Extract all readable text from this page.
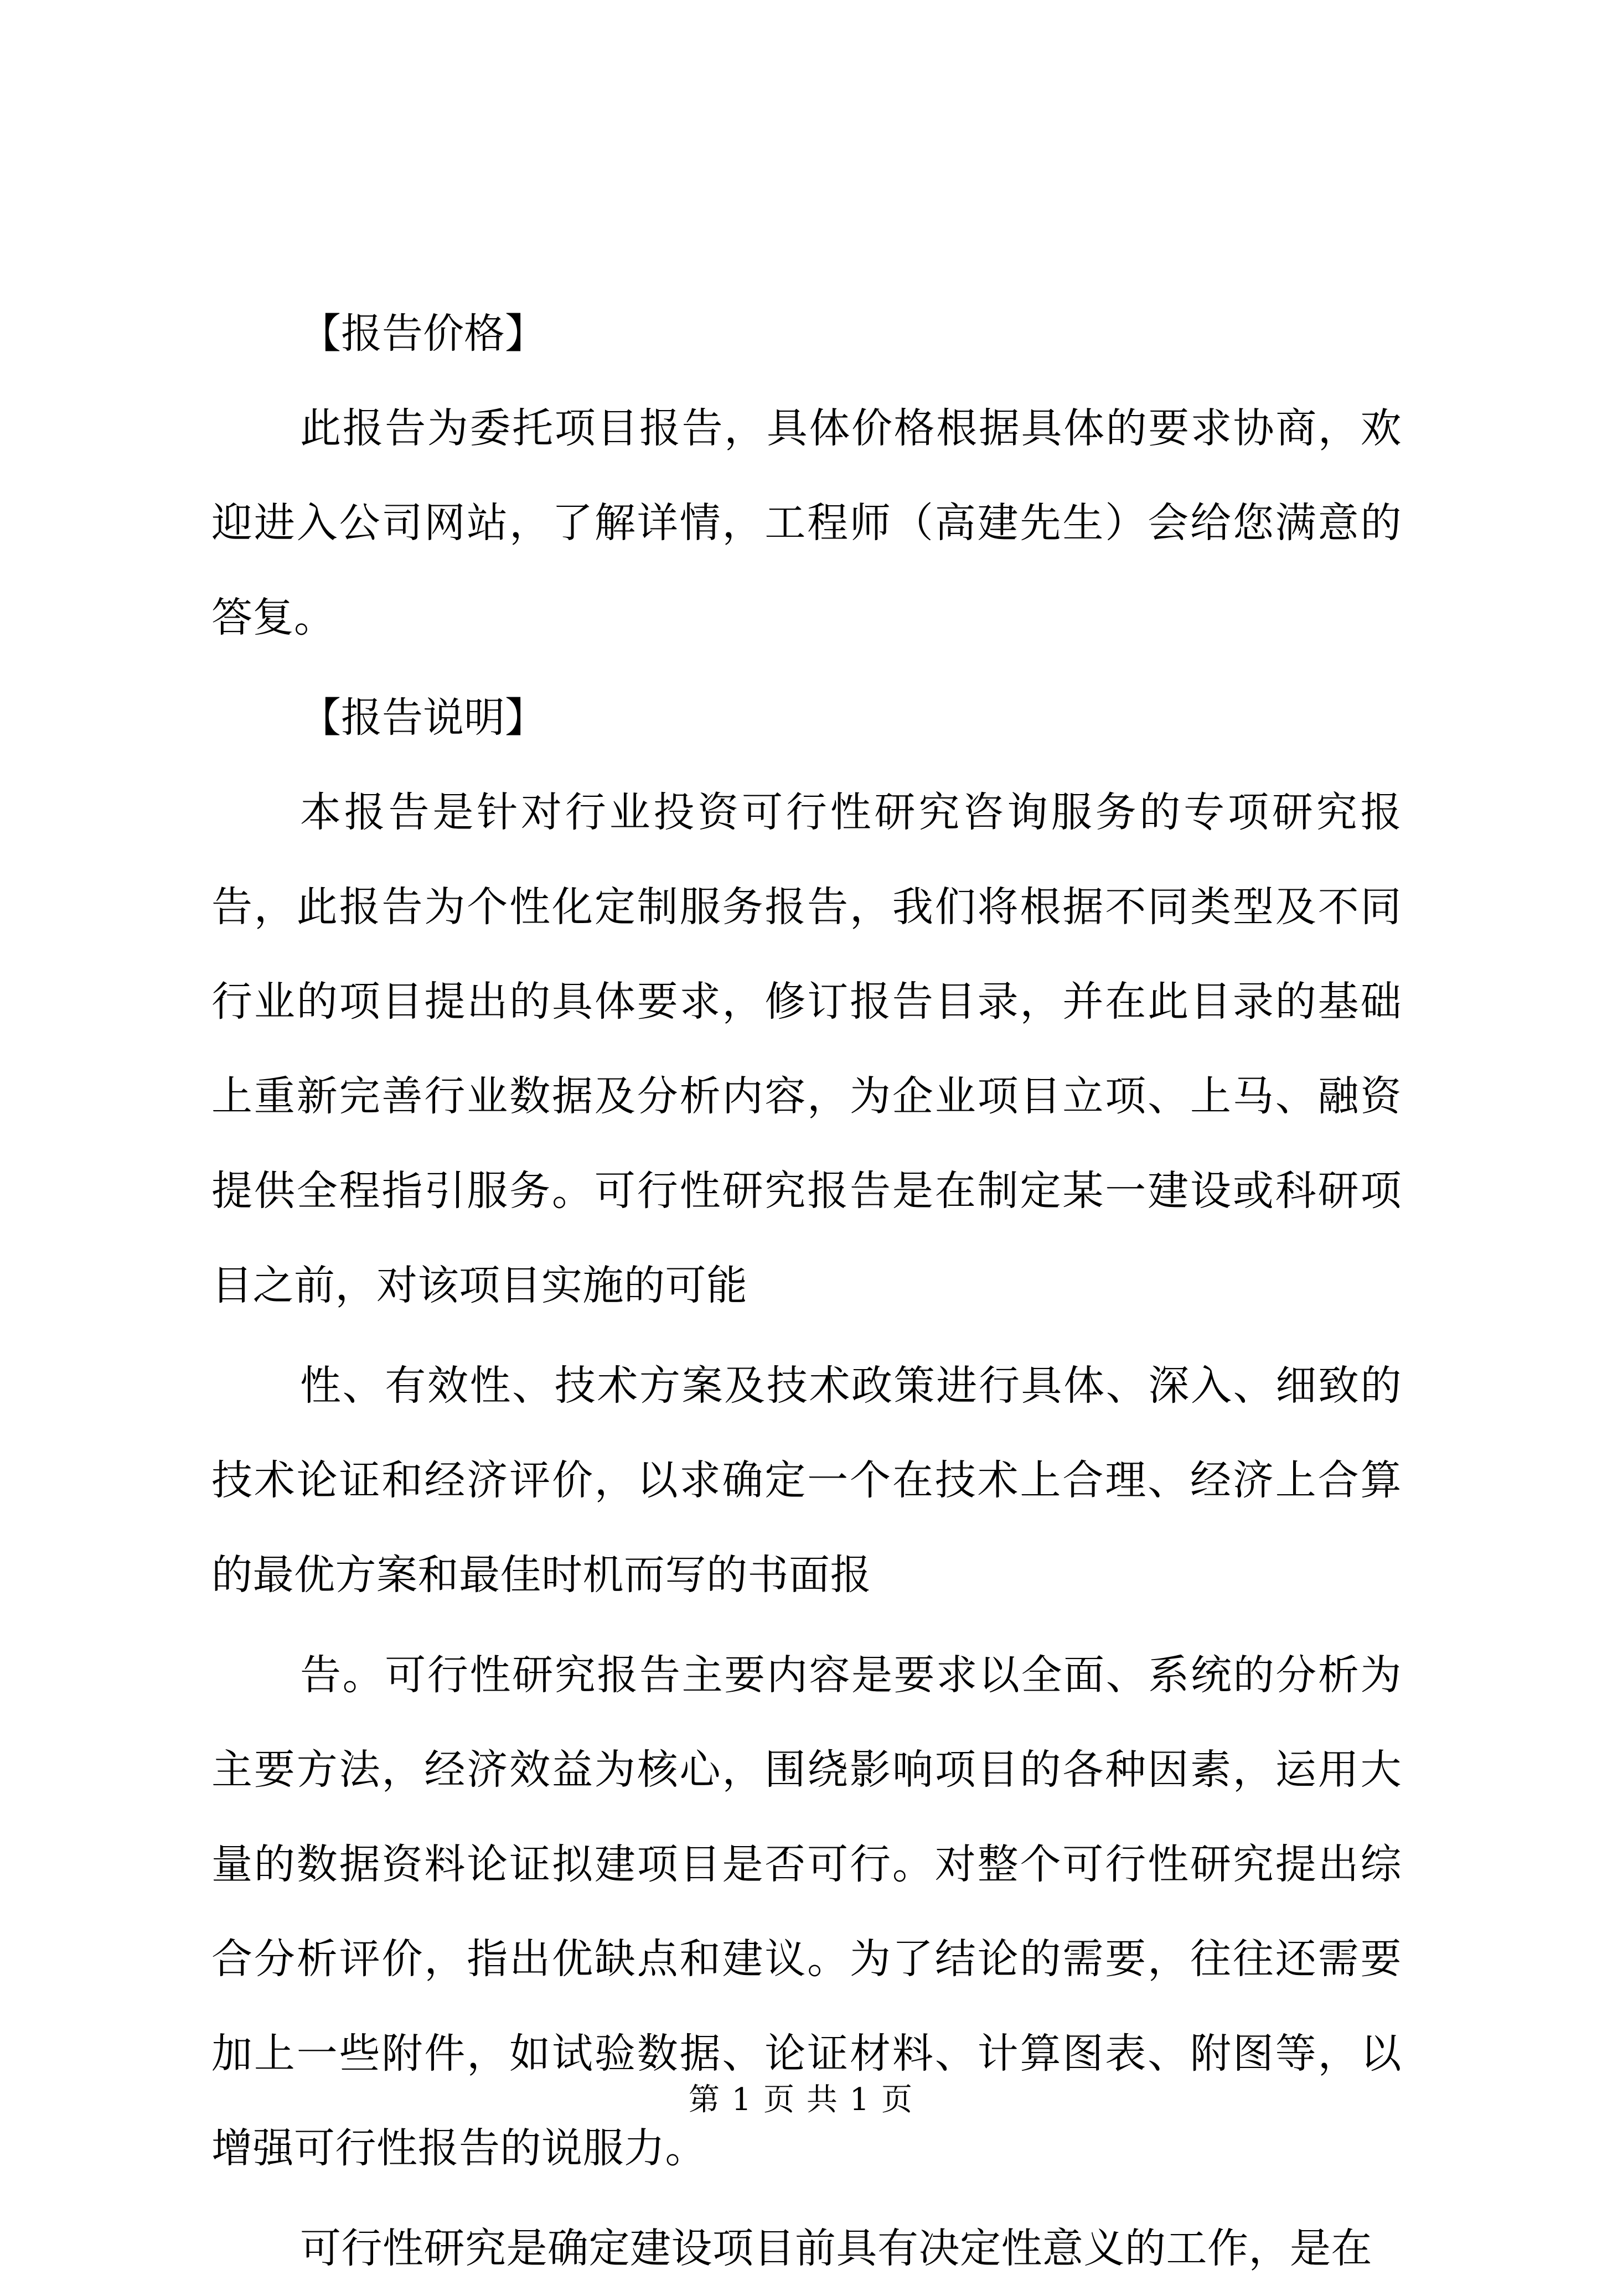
【报告价格】

此报告为委托项目报告，具体价格根据具体的要求协商，欢迎进入公司网站，了解详情，工程师（高建先生）会给您满意的答复。

【报告说明】

本报告是针对行业投资可行性研究咨询服务的专项研究报告，此报告为个性化定制服务报告，我们将根据不同类型及不同行业的项目提出的具体要求，修订报告目录，并在此目录的基础上重新完善行业数据及分析内容，为企业项目立项、上马、融资提供全程指引服务。可行性研究报告是在制定某一建设或科研项目之前，对该项目实施的可能

性、有效性、技术方案及技术政策进行具体、深入、细致的技术论证和经济评价，以求确定一个在技术上合理、经济上合算的最优方案和最佳时机而写的书面报

告。可行性研究报告主要内容是要求以全面、系统的分析为主要方法，经济效益为核心，围绕影响项目的各种因素，运用大量的数据资料论证拟建项目是否可行。对整个可行性研究提出综合分析评价，指出优缺点和建议。为了结论的需要，往往还需要加上一些附件，如试验数据、论证材料、计算图表、附图等，以增强可行性报告的说服力。

可行性研究是确定建设项目前具有决定性意义的工作，是在

第 1 页 共 1 页
